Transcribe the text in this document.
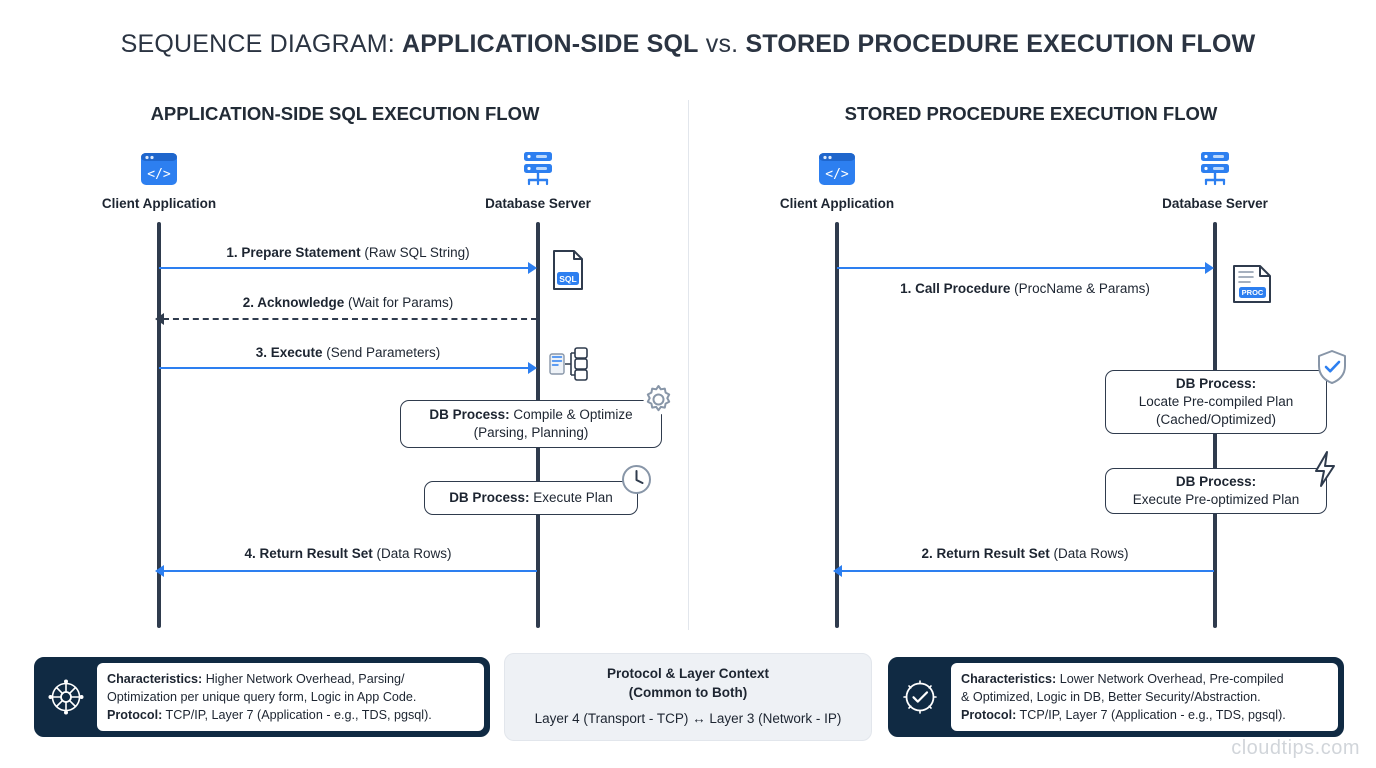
SEQUENCE DIAGRAM: APPLICATION-SIDE SQL vs. STORED PROCEDURE EXECUTION FLOW
APPLICATION-SIDE SQL EXECUTION FLOW	STORED PROCEDURE EXECUTION FLOW
</>
Client Application	Database Server
1. Prepare Statement (Raw SQL String)
2. Acknowledge (Wait for Params)
3. Execute (Send Parameters)
4. Return Result Set (Data Rows)
SQL
DB Process: Compile & Optimize
(Parsing, Planning)
DB Process: Execute Plan
</>
Client Application	Database Server
1. Call Procedure (ProcName & Params)
2. Return Result Set (Data Rows)
PROC
DB Process:
Locate Pre-compiled Plan
(Cached/Optimized)
DB Process:
Execute Pre-optimized Plan
Characteristics: Higher Network Overhead, Parsing/
Optimization per unique query form, Logic in App Code.
Protocol: TCP/IP, Layer 7 (Application - e.g., TDS, pgsql).
Protocol & Layer Context
(Common to Both)
Layer 4 (Transport - TCP) ↔ Layer 3 (Network - IP)
Characteristics: Lower Network Overhead, Pre-compiled
& Optimized, Logic in DB, Better Security/Abstraction.
Protocol: TCP/IP, Layer 7 (Application - e.g., TDS, pgsql).
cloudtips.com
